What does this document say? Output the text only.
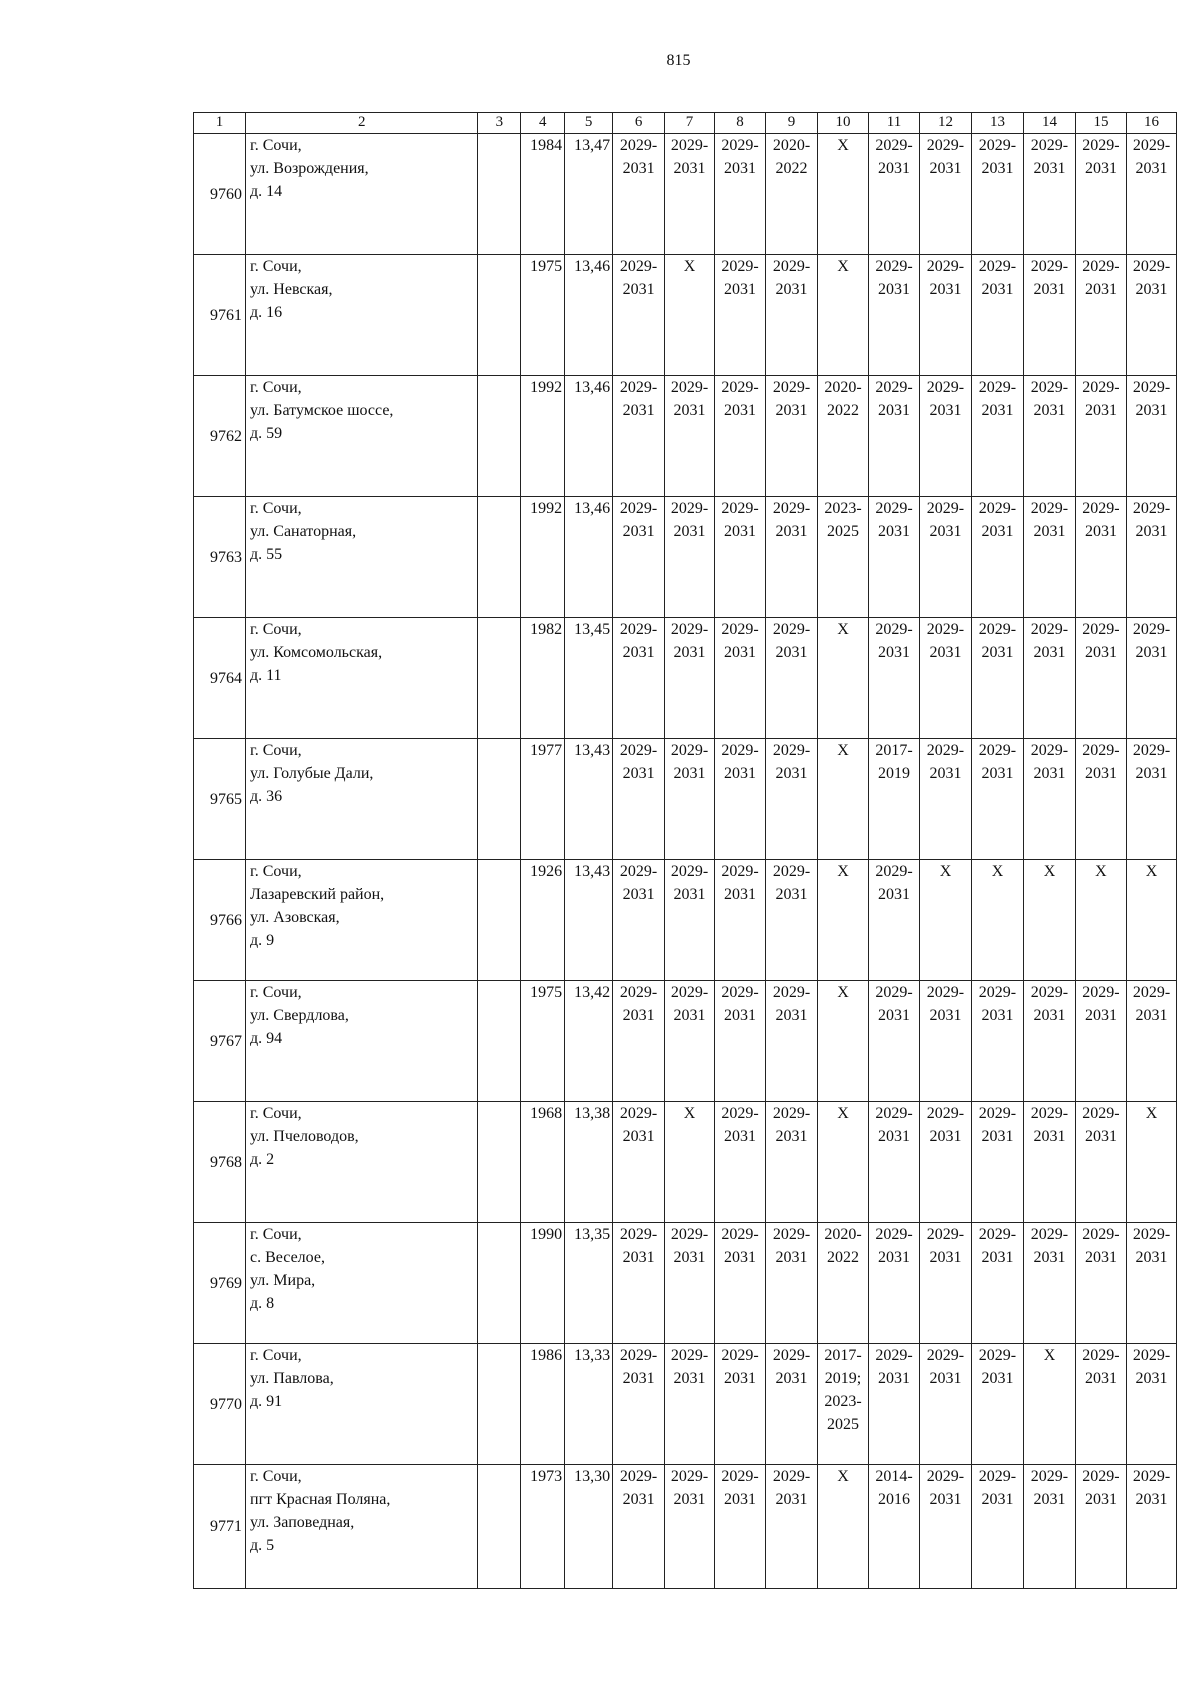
815
1	2	3	4	5	6	7	8	9	10	11	12	13	14	15	16
9760	г. Сочи,
ул. Возрождения,
д. 14		1984	13,47	2029-
2031	2029-
2031	2029-
2031	2020-
2022	X	2029-
2031	2029-
2031	2029-
2031	2029-
2031	2029-
2031	2029-
2031

9761	г. Сочи,
ул. Невская,
д. 16		1975	13,46	2029-
2031	X	2029-
2031	2029-
2031	X	2029-
2031	2029-
2031	2029-
2031	2029-
2031	2029-
2031	2029-
2031

9762	г. Сочи,
ул. Батумское шоссе,
д. 59		1992	13,46	2029-
2031	2029-
2031	2029-
2031	2029-
2031	2020-
2022	2029-
2031	2029-
2031	2029-
2031	2029-
2031	2029-
2031	2029-
2031

9763	г. Сочи,
ул. Санаторная,
д. 55		1992	13,46	2029-
2031	2029-
2031	2029-
2031	2029-
2031	2023-
2025	2029-
2031	2029-
2031	2029-
2031	2029-
2031	2029-
2031	2029-
2031

9764	г. Сочи,
ул. Комсомольская,
д. 11		1982	13,45	2029-
2031	2029-
2031	2029-
2031	2029-
2031	X	2029-
2031	2029-
2031	2029-
2031	2029-
2031	2029-
2031	2029-
2031

9765	г. Сочи,
ул. Голубые Дали,
д. 36		1977	13,43	2029-
2031	2029-
2031	2029-
2031	2029-
2031	X	2017-
2019	2029-
2031	2029-
2031	2029-
2031	2029-
2031	2029-
2031

9766	г. Сочи,
Лазаревский район,
ул. Азовская,
д. 9		1926	13,43	2029-
2031	2029-
2031	2029-
2031	2029-
2031	X	2029-
2031	X	X	X	X	X

9767	г. Сочи,
ул. Свердлова,
д. 94		1975	13,42	2029-
2031	2029-
2031	2029-
2031	2029-
2031	X	2029-
2031	2029-
2031	2029-
2031	2029-
2031	2029-
2031	2029-
2031

9768	г. Сочи,
ул. Пчеловодов,
д. 2		1968	13,38	2029-
2031	X	2029-
2031	2029-
2031	X	2029-
2031	2029-
2031	2029-
2031	2029-
2031	2029-
2031	X

9769	г. Сочи,
с. Веселое,
ул. Мира,
д. 8		1990	13,35	2029-
2031	2029-
2031	2029-
2031	2029-
2031	2020-
2022	2029-
2031	2029-
2031	2029-
2031	2029-
2031	2029-
2031	2029-
2031

9770	г. Сочи,
ул. Павлова,
д. 91		1986	13,33	2029-
2031	2029-
2031	2029-
2031	2029-
2031	2017-
2019;
2023-
2025	2029-
2031	2029-
2031	2029-
2031	X	2029-
2031	2029-
2031

9771	г. Сочи,
пгт Красная Поляна,
ул. Заповедная,
д. 5		1973	13,30	2029-
2031	2029-
2031	2029-
2031	2029-
2031	X	2014-
2016	2029-
2031	2029-
2031	2029-
2031	2029-
2031	2029-
2031
